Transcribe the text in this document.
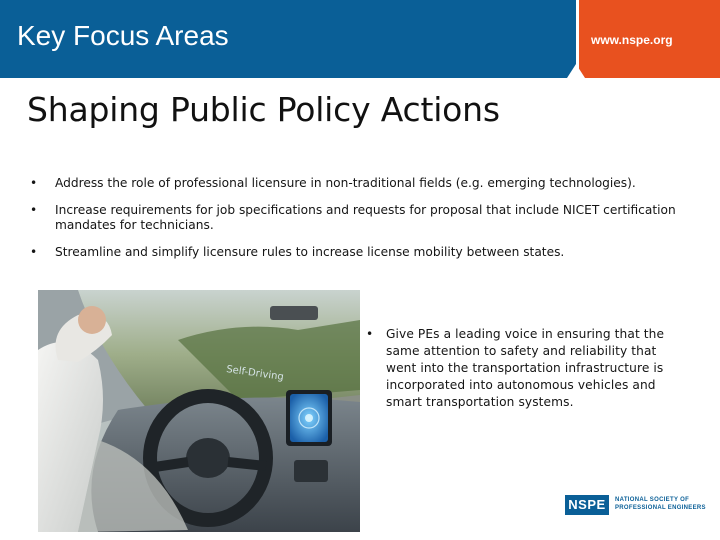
Key Focus Areas	www.nspe.org
Shaping Public Policy Actions
• Address the role of professional licensure in non-traditional fields (e.g. emerging technologies).
• Increase requirements for job specifications and requests for proposal that include NICET certification mandates for technicians.
• Streamline and simplify licensure rules to increase license mobility between states.
Self-Driving
• Give PEs a leading voice in ensuring that the same attention to safety and reliability that went into the transportation infrastructure is incorporated into autonomous vehicles and smart transportation systems.
NSPE	NATIONAL SOCIETY OF
PROFESSIONAL ENGINEERS
